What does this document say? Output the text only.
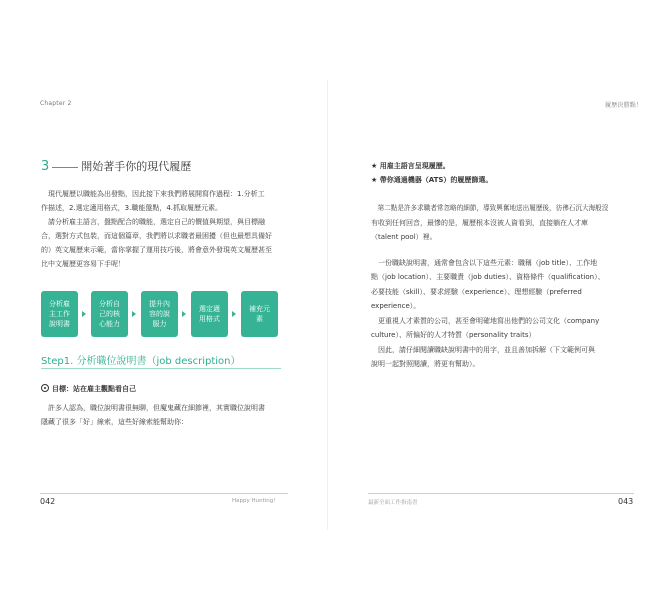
Chapter 2
3	開始著手你的現代履歷

　現代履歷以職能為出發點，因此接下來我們將展開寫作過程：1.分析工

作描述，2.選定適用格式，3.職能盤點，4.抓取履歷元素。

　請分析雇主語言，盤點配合的職能，選定自己的價值與期望，與目標融

合，選對方式包裝，而這個篇章，我們將以求職者最困擾（但也最想具備好

的）英文履歷來示範，當你掌握了運用技巧後，將會意外發現英文履歷甚至

比中文履歷更容易下手呢！

分析雇主工作說明書
分析自己的核心能力
提升內容的說服力
選定適用格式
補充元素
Step1. 分析職位說明書（job description）
目標：站在雇主觀點看自己

　許多人認為，職位說明書很無聊，但魔鬼藏在細節裡，其實職位說明書

隱藏了很多「好」線索，這些好線索能幫助你：

042	Happy Hunting!
履歷決勝點！
最新全面工作指南書	043
★ 用雇主語言呈現履歷。
★ 帶你通過機器（ATS）的履歷篩選。

　第二點是許多求職者常忽略的細節，導致興奮地送出履歷後，彷彿石沉大海般沒

有收到任何回音，最慘的是，履歷根本沒被人資看到，直接躺在人才庫

（talent pool）裡。

　一份職缺說明書，通常會包含以下這些元素：職稱（job title）、工作地

點（job location）、主要職責（job duties）、資格條件（qualification）、

必要技能（skill）、要求經驗（experience）、理想經驗（preferred

experience）。

　更重視人才素質的公司，甚至會明確地寫出他們的公司文化（company

culture）、所偏好的人才特質（personality traits）

　因此，請仔細閱讀職缺說明書中的用字，並且善加拆解（下文範例可與

說明一起對照閱讀，將更有幫助）。
